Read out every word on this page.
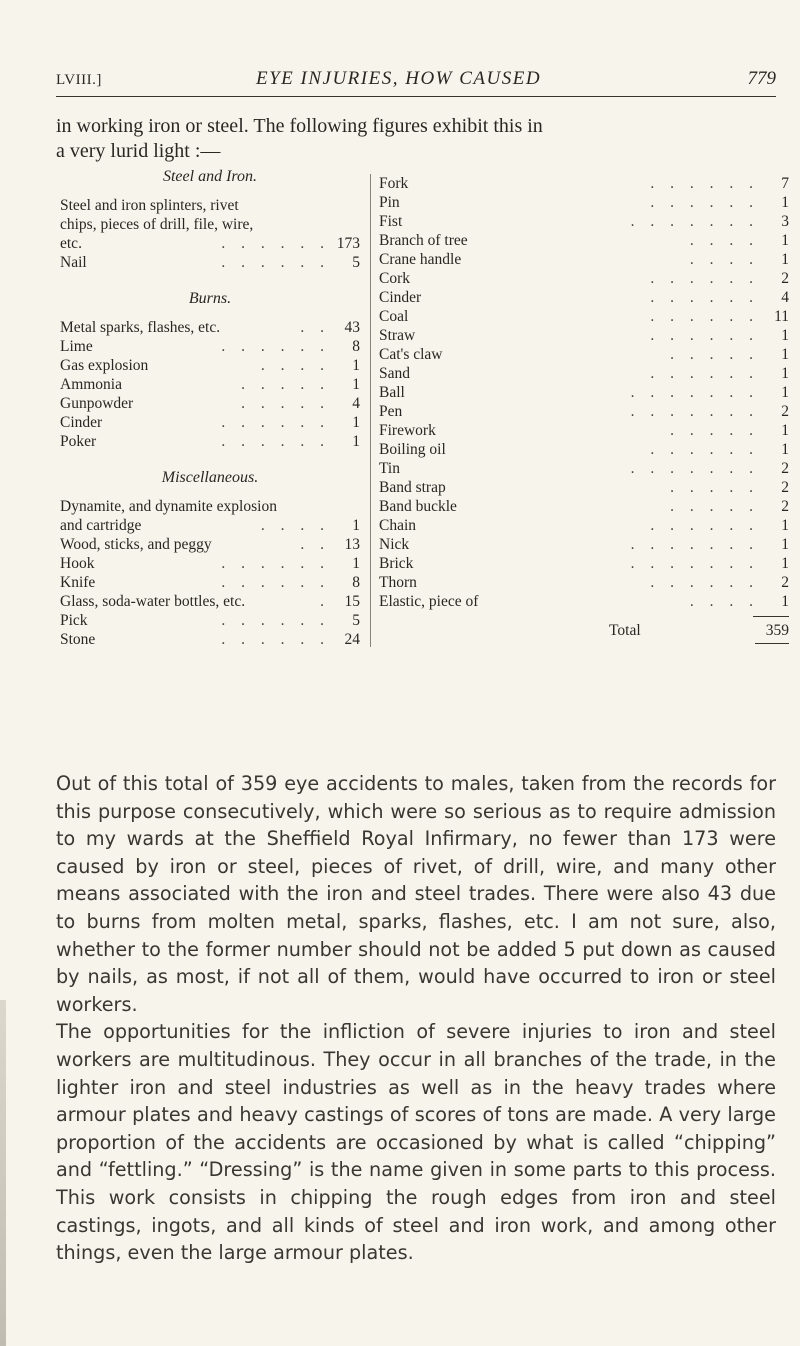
LVIII.]	EYE INJURIES, HOW CAUSED	779
in working iron or steel. The following figures exhibit this in
a very lurid light :—
Steel and Iron.
Steel and iron splinters, rivet
chips, pieces of drill, file, wire,
etc.	. . . . . . 173
Nail	. . . . . .	5
Burns.
Metal sparks, flashes, etc.	. . 43
Lime	. . . . . .	8
Gas explosion	. . . .	1
Ammonia	. . . . .	1
Gunpowder	. . . . .	4
Cinder	. . . . . .	1
Poker	. . . . . .	1
Miscellaneous.
Dynamite, and dynamite explosion
and cartridge	. . . .	1
Wood, sticks, and peggy	. . 13
Hook	. . . . . .	1
Knife	. . . . . .	8
Glass, soda-water bottles, etc.	. 15
Pick	. . . . . .	5
Stone	. . . . . . 24
Fork	. . . . . .	7
Pin	. . . . . .	1
Fist	. . . . . . .	3
Branch of tree	. . . .	1
Crane handle	. . . .	1
Cork	. . . . . .	2
Cinder	. . . . . .	4
Coal	. . . . . . 11
Straw	. . . . . .	1
Cat's claw	. . . . .	1
Sand	. . . . . .	1
Ball	. . . . . . .	1
Pen	. . . . . . .	2
Firework	. . . . .	1
Boiling oil	. . . . . .	1
Tin	. . . . . . .	2
Band strap	. . . . .	2
Band buckle	. . . . .	2
Chain	. . . . . .	1
Nick	. . . . . . .	1
Brick	. . . . . . .	1
Thorn	. . . . . .	2
Elastic, piece of	. . . .	1
Total	359

Out of this total of 359 eye accidents to males, taken from the records for this purpose consecutively, which were so serious as to require admission to my wards at the Sheffield Royal Infirmary, no fewer than 173 were caused by iron or steel, pieces of rivet, of drill, wire, and many other means associated with the iron and steel trades. There were also 43 due to burns from molten metal, sparks, flashes, etc. I am not sure, also, whether to the former number should not be added 5 put down as caused by nails, as most, if not all of them, would have occurred to iron or steel workers.

The opportunities for the infliction of severe injuries to iron and steel workers are multitudinous. They occur in all branches of the trade, in the lighter iron and steel industries as well as in the heavy trades where armour plates and heavy castings of scores of tons are made. A very large proportion of the accidents are occasioned by what is called “chipping” and “fettling.” “Dressing” is the name given in some parts to this process. This work consists in chipping the rough edges from iron and steel castings, ingots, and all kinds of steel and iron work, and among other things, even the large armour plates.
